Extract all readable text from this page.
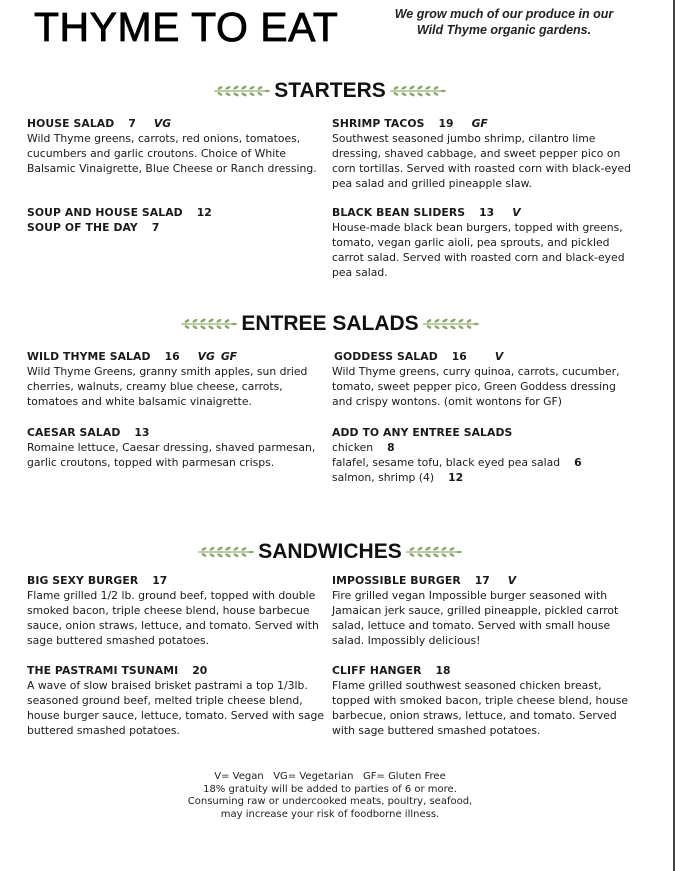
THYME TO EAT	We grow much of our produce in our
Wild Thyme organic gardens.
STARTERS
HOUSE SALAD 7 VG

Wild Thyme greens, carrots, red onions, tomatoes, cucumbers and garlic croutons. Choice of White Balsamic Vinaigrette, Blue Cheese or Ranch dressing.

SHRIMP TACOS 19 GF

Southwest seasoned jumbo shrimp, cilantro lime dressing, shaved cabbage, and sweet pepper pico on corn tortillas. Served with roasted corn with black-eyed pea salad and grilled pineapple slaw.

SOUP AND HOUSE SALAD 12
SOUP OF THE DAY 7
BLACK BEAN SLIDERS 13 V

House-made black bean burgers, topped with greens, tomato, vegan garlic aioli, pea sprouts, and pickled carrot salad. Served with roasted corn and black-eyed pea salad.

ENTREE SALADS
WILD THYME SALAD 16 VG GF

Wild Thyme Greens, granny smith apples, sun dried cherries, walnuts, creamy blue cheese, carrots, tomatoes and white balsamic vinaigrette.

GODDESS SALAD 16	V

Wild Thyme greens, curry quinoa, carrots, cucumber, tomato, sweet pepper pico, Green Goddess dressing and crispy wontons. (omit wontons for GF)

CAESAR SALAD 13

Romaine lettuce, Caesar dressing, shaved parmesan, garlic croutons, topped with parmesan crisps.

ADD TO ANY ENTREE SALADS
chicken 8
falafel, sesame tofu, black eyed pea salad 6
salmon, shrimp (4) 12
SANDWICHES
BIG SEXY BURGER 17

Flame grilled 1/2 lb. ground beef, topped with double smoked bacon, triple cheese blend, house barbecue sauce, onion straws, lettuce, and tomato. Served with sage buttered smashed potatoes.

IMPOSSIBLE BURGER 17 V

Fire grilled vegan Impossible burger seasoned with Jamaican jerk sauce, grilled pineapple, pickled carrot salad, lettuce and tomato. Served with small house salad. Impossibly delicious!

THE PASTRAMI TSUNAMI 20

A wave of slow braised brisket pastrami a top 1/3lb. seasoned ground beef, melted triple cheese blend, house burger sauce, lettuce, tomato. Served with sage buttered smashed potatoes.

CLIFF HANGER 18

Flame grilled southwest seasoned chicken breast, topped with smoked bacon, triple cheese blend, house barbecue, onion straws, lettuce, and tomato. Served with sage buttered smashed potatoes.

V= Vegan   VG= Vegetarian   GF= Gluten Free
18% gratuity will be added to parties of 6 or more.
Consuming raw or undercooked meats, poultry, seafood,
may increase your risk of foodborne illness.
